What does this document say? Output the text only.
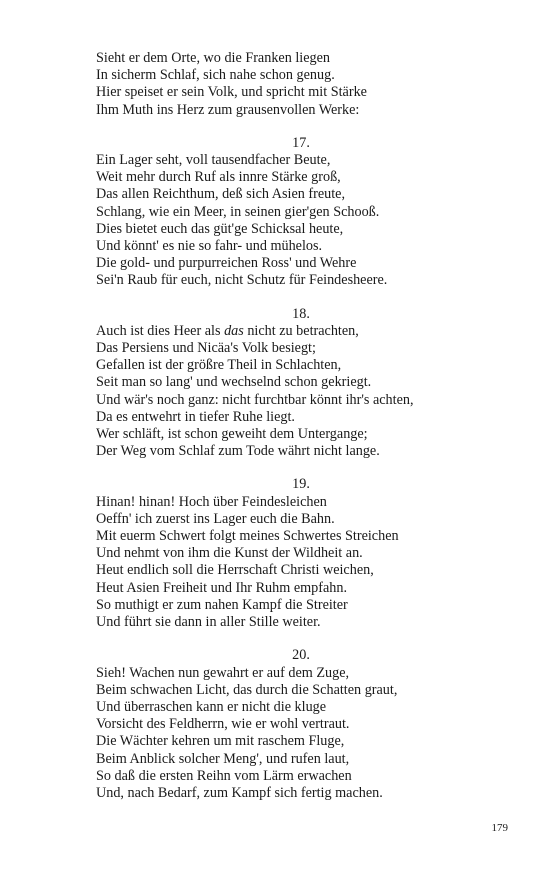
Sieht er dem Orte, wo die Franken liegen
In sicherm Schlaf, sich nahe schon genug.
Hier speiset er sein Volk, und spricht mit Stärke
Ihm Muth ins Herz zum grausenvollen Werke:
17.
Ein Lager seht, voll tausendfacher Beute,
Weit mehr durch Ruf als innre Stärke groß,
Das allen Reichthum, deß sich Asien freute,
Schlang, wie ein Meer, in seinen gier'gen Schooß.
Dies bietet euch das güt'ge Schicksal heute,
Und könnt' es nie so fahr- und mühelos.
Die gold- und purpurreichen Ross' und Wehre
Sei'n Raub für euch, nicht Schutz für Feindesheere.
18.
Auch ist dies Heer als das nicht zu betrachten,
Das Persiens und Nicäa's Volk besiegt;
Gefallen ist der größre Theil in Schlachten,
Seit man so lang' und wechselnd schon gekriegt.
Und wär's noch ganz: nicht furchtbar könnt ihr's achten,
Da es entwehrt in tiefer Ruhe liegt.
Wer schläft, ist schon geweiht dem Untergange;
Der Weg vom Schlaf zum Tode währt nicht lange.
19.
Hinan! hinan! Hoch über Feindesleichen
Oeffn' ich zuerst ins Lager euch die Bahn.
Mit euerm Schwert folgt meines Schwertes Streichen
Und nehmt von ihm die Kunst der Wildheit an.
Heut endlich soll die Herrschaft Christi weichen,
Heut Asien Freiheit und Ihr Ruhm empfahn.
So muthigt er zum nahen Kampf die Streiter
Und führt sie dann in aller Stille weiter.
20.
Sieh! Wachen nun gewahrt er auf dem Zuge,
Beim schwachen Licht, das durch die Schatten graut,
Und überraschen kann er nicht die kluge
Vorsicht des Feldherrn, wie er wohl vertraut.
Die Wächter kehren um mit raschem Fluge,
Beim Anblick solcher Meng', und rufen laut,
So daß die ersten Reihn vom Lärm erwachen
Und, nach Bedarf, zum Kampf sich fertig machen.
179
